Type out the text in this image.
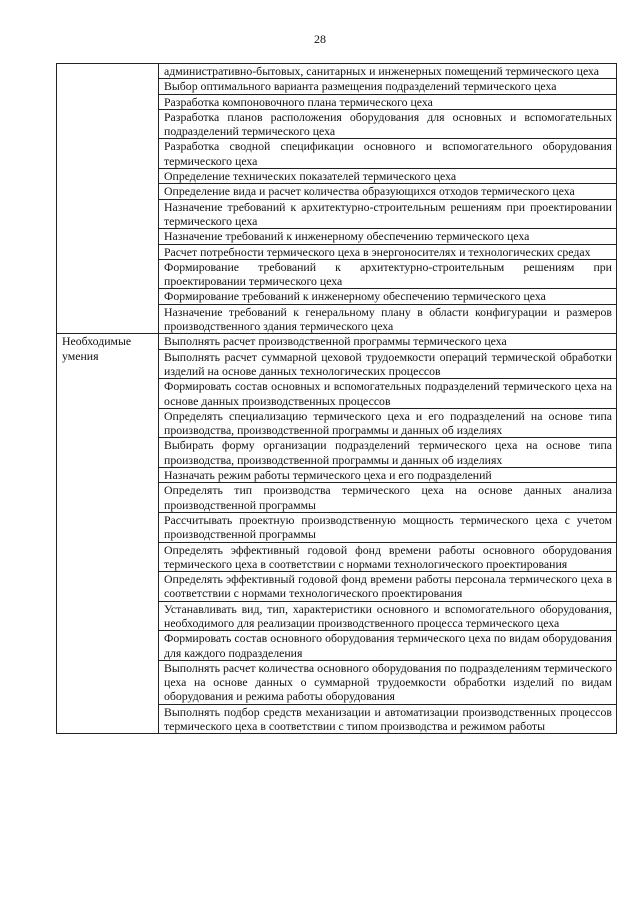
28
	административно-бытовых, санитарных и инженерных помещений термического цеха
	Выбор оптимального варианта размещения подразделений термического цеха
	Разработка компоновочного плана термического цеха
	Разработка планов расположения оборудования для основных и вспомогательных подразделений термического цеха
	Разработка сводной спецификации основного и вспомогательного оборудования термического цеха
	Определение технических показателей термического цеха
	Определение вида и расчет количества образующихся отходов термического цеха
	Назначение требований к архитектурно-строительным решениям при проектировании термического цеха
	Назначение требований к инженерному обеспечению термического цеха
	Расчет потребности термического цеха в энергоносителях и технологических средах
	Формирование требований к архитектурно-строительным решениям при проектировании термического цеха
	Формирование требований к инженерному обеспечению термического цеха
	Назначение требований к генеральному плану в области конфигурации и размеров производственного здания термического цеха
Необходимые умения	Выполнять расчет производственной программы термического цеха
	Выполнять расчет суммарной цеховой трудоемкости операций термической обработки изделий на основе данных технологических процессов
	Формировать состав основных и вспомогательных подразделений термического цеха на основе данных производственных процессов
	Определять специализацию термического цеха и его подразделений на основе типа производства, производственной программы и данных об изделиях
	Выбирать форму организации подразделений термического цеха на основе типа производства, производственной программы и данных об изделиях
	Назначать режим работы термического цеха и его подразделений
	Определять тип производства термического цеха на основе данных анализа производственной программы
	Рассчитывать проектную производственную мощность термического цеха с учетом производственной программы
	Определять эффективный годовой фонд времени работы основного оборудования термического цеха в соответствии с нормами технологического проектирования
	Определять эффективный годовой фонд времени работы персонала термического цеха в соответствии с нормами технологического проектирования
	Устанавливать вид, тип, характеристики основного и вспомогательного оборудования, необходимого для реализации производственного процесса термического цеха
	Формировать состав основного оборудования термического цеха по видам оборудования для каждого подразделения
	Выполнять расчет количества основного оборудования по подразделениям термического цеха на основе данных о суммарной трудоемкости обработки изделий по видам оборудования и режима работы оборудования
	Выполнять подбор средств механизации и автоматизации производственных процессов термического цеха в соответствии с типом производства и режимом работы
